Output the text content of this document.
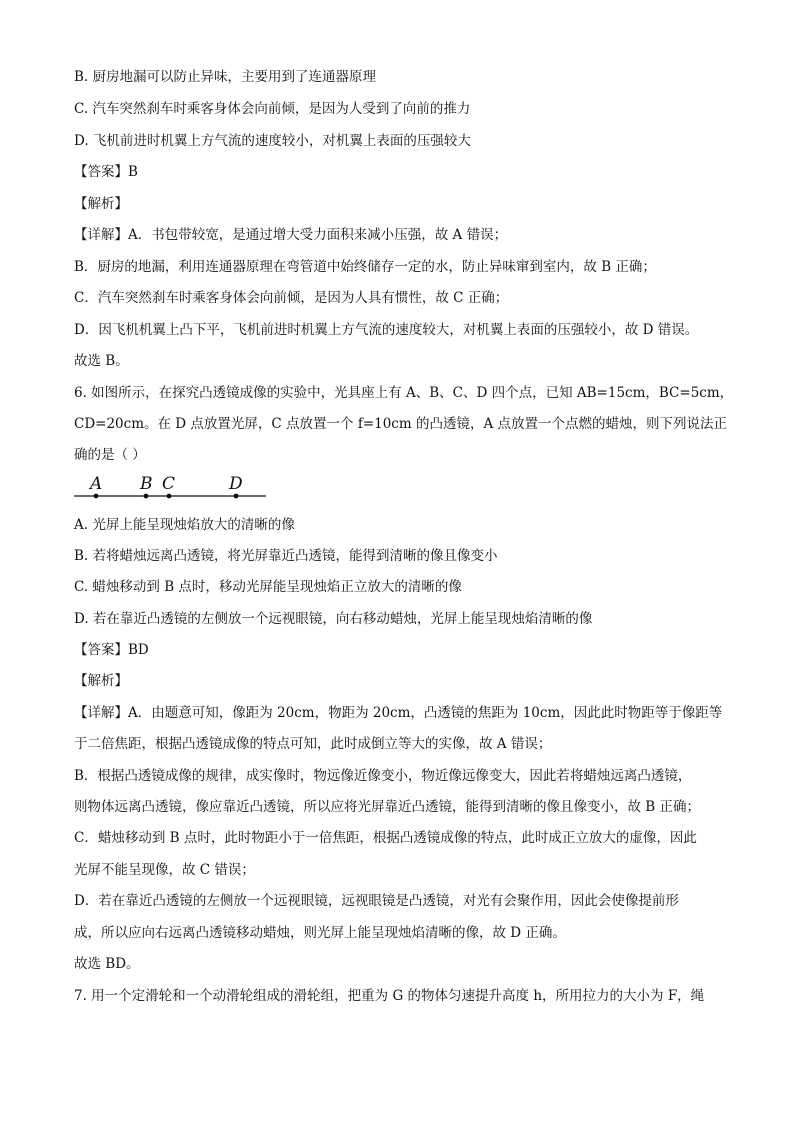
B. 厨房地漏可以防止异味，主要用到了连通器原理
C. 汽车突然刹车时乘客身体会向前倾，是因为人受到了向前的推力
D. 飞机前进时机翼上方气流的速度较小，对机翼上表面的压强较大
【答案】B
【解析】
【详解】A．书包带较宽，是通过增大受力面积来减小压强，故 A 错误；
B．厨房的地漏，利用连通器原理在弯管道中始终储存一定的水，防止异味窜到室内，故 B 正确；
C．汽车突然刹车时乘客身体会向前倾，是因为人具有惯性，故 C 正确；
D．因飞机机翼上凸下平，飞机前进时机翼上方气流的速度较大，对机翼上表面的压强较小，故 D 错误。
故选 B。
6. 如图所示，在探究凸透镜成像的实验中，光具座上有 A、B、C、D 四个点，已知 AB=15cm，BC=5cm，
CD=20cm。在 D 点放置光屏，C 点放置一个 f=10cm 的凸透镜，A 点放置一个点燃的蜡烛，则下列说法正
确的是（ ）
A B C	D
A. 光屏上能呈现烛焰放大的清晰的像
B. 若将蜡烛远离凸透镜，将光屏靠近凸透镜，能得到清晰的像且像变小
C. 蜡烛移动到 B 点时，移动光屏能呈现烛焰正立放大的清晰的像
D. 若在靠近凸透镜的左侧放一个远视眼镜，向右移动蜡烛，光屏上能呈现烛焰清晰的像
【答案】BD
【解析】
【详解】A．由题意可知，像距为 20cm，物距为 20cm，凸透镜的焦距为 10cm，因此此时物距等于像距等
于二倍焦距，根据凸透镜成像的特点可知，此时成倒立等大的实像，故 A 错误；
B．根据凸透镜成像的规律，成实像时，物远像近像变小，物近像远像变大，因此若将蜡烛远离凸透镜，
则物体远离凸透镜，像应靠近凸透镜，所以应将光屏靠近凸透镜，能得到清晰的像且像变小，故 B 正确；
C．蜡烛移动到 B 点时，此时物距小于一倍焦距，根据凸透镜成像的特点，此时成正立放大的虚像，因此
光屏不能呈现像，故 C 错误；
D．若在靠近凸透镜的左侧放一个远视眼镜，远视眼镜是凸透镜，对光有会聚作用，因此会使像提前形
成，所以应向右远离凸透镜移动蜡烛，则光屏上能呈现烛焰清晰的像，故 D 正确。
故选 BD。
7. 用一个定滑轮和一个动滑轮组成的滑轮组，把重为 G 的物体匀速提升高度 h，所用拉力的大小为 F，绳
